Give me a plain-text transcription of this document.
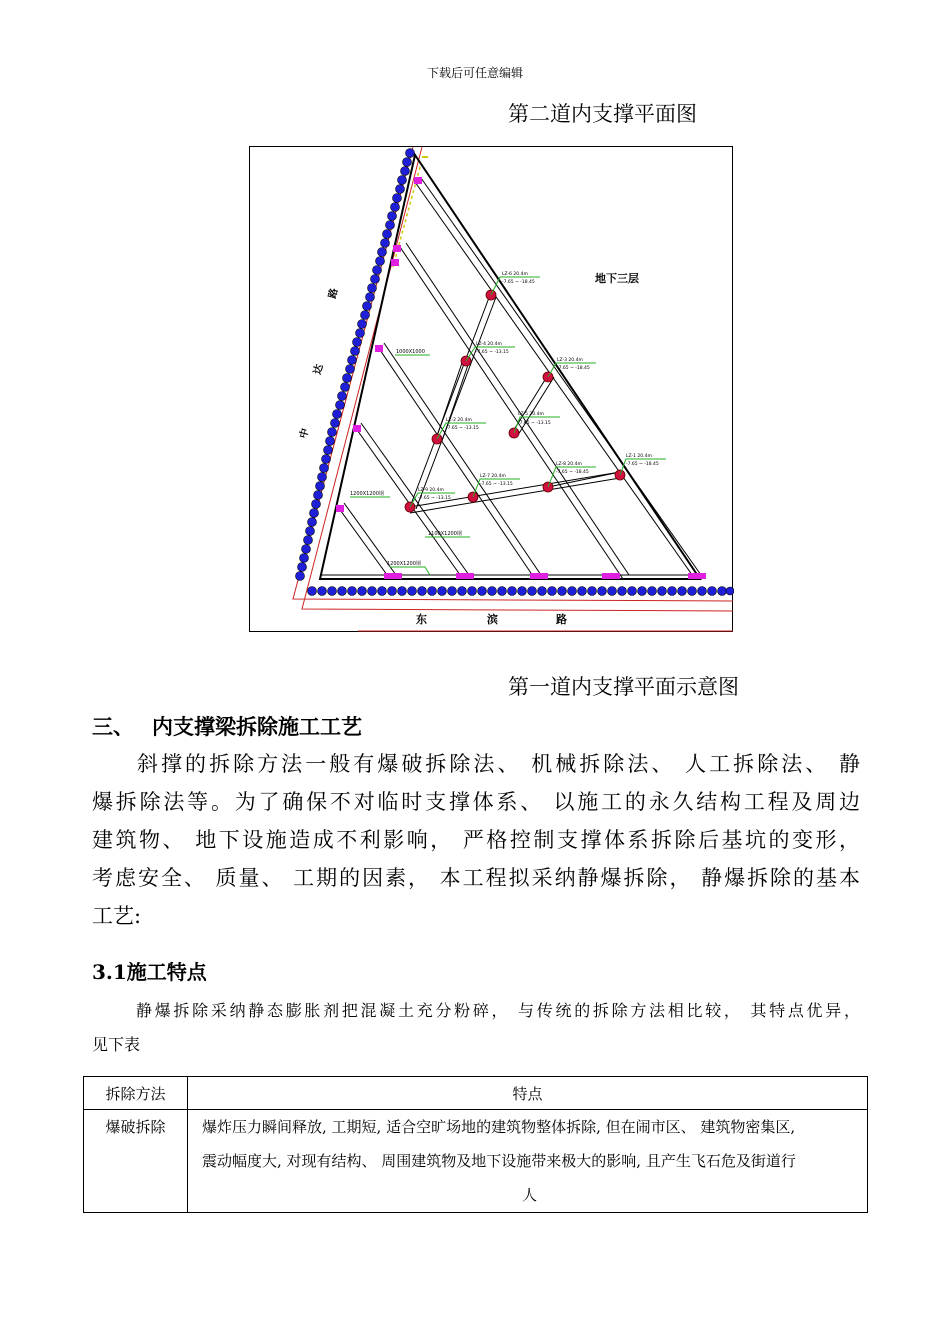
下载后可任意编辑
第二道内支撑平面图
LZ-6 20.4m
-7.65 ~ -18.45
LZ-4 20.4m
-7.65 ~ -13.15
LZ-3 20.4m
-7.65 ~ -18.45
LZ-5 20.4m
-7.65 ~ -13.15
LZ-8 20.4m
-7.65 ~ -18.45
LZ-1 20.4m
-7.65 ~ -18.45
LZ-2 20.4m
-7.65 ~ -13.15
LZ-7 20.4m
-7.65 ~ -13.15
LZ-9 20.4m
-7.65 ~ -13.15
1000X1000
1200X1200钢
1100X1200钢
1200X1200钢
地下三层
路
达
中
东	滨	路
第一道内支撑平面示意图
三、 内支撑梁拆除施工工艺
斜撑的拆除方法一般有爆破拆除法、 机械拆除法、 人工拆除法、 静
爆拆除法等。为了确保不对临时支撑体系、 以施工的永久结构工程及周边
建筑物、 地下设施造成不利影响， 严格控制支撑体系拆除后基坑的变形，
考虑安全、 质量、 工期的因素， 本工程拟采纳静爆拆除， 静爆拆除的基本
工艺:
3.1施工特点
静爆拆除采纳静态膨胀剂把混凝土充分粉碎， 与传统的拆除方法相比较， 其特点优异，
见下表
拆除方法	特点
爆破拆除	爆炸压力瞬间释放, 工期短, 适合空旷场地的建筑物整体拆除, 但在闹市区、 建筑物密集区,
震动幅度大, 对现有结构、 周围建筑物及地下设施带来极大的影响, 且产生飞石危及街道行
人
